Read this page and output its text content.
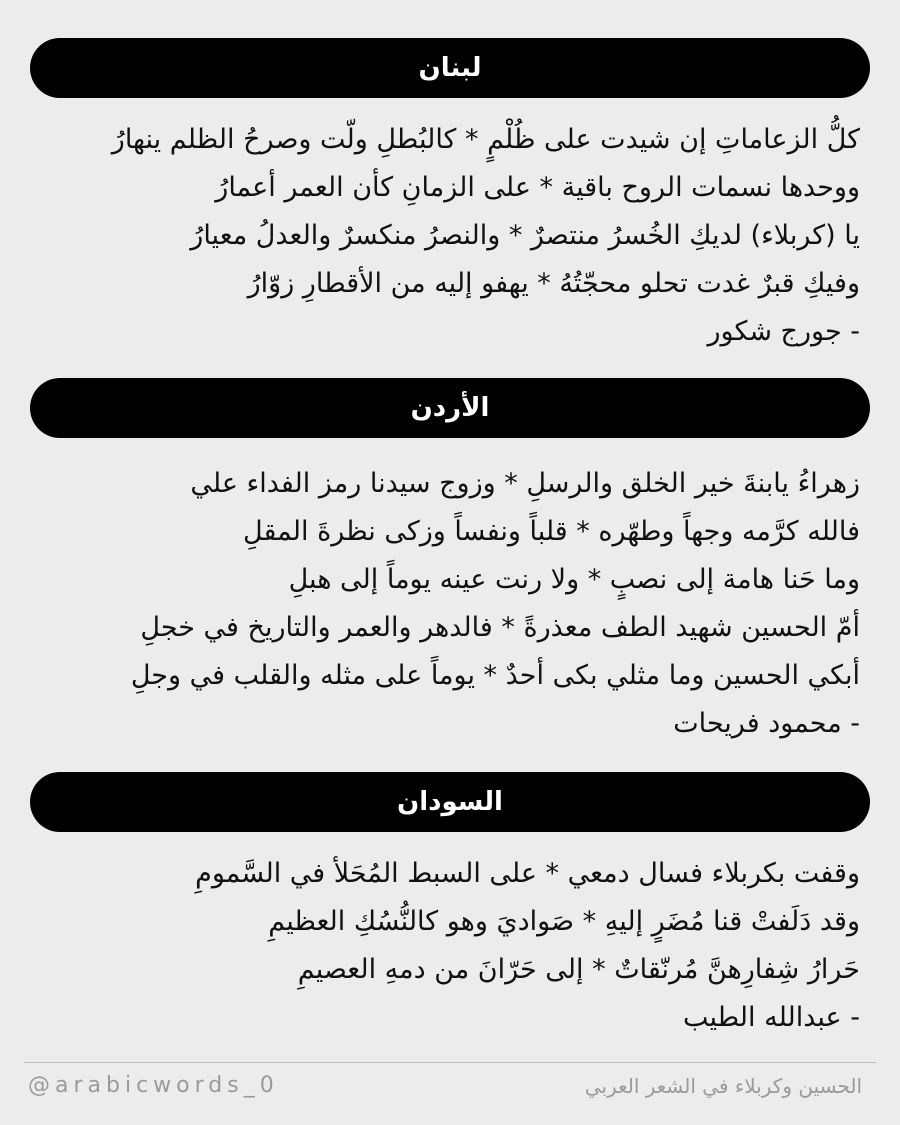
لبنان
كلُّ الزعاماتِ إن شيدت على ظُلْمٍ * كالبُطلِ ولّت وصرحُ الظلم ينهارُ
ووحدها نسمات الروح باقية * على الزمانِ كأن العمر أعمارُ
يا (كربلاء) لديكِ الخُسرُ منتصرٌ * والنصرُ منكسرٌ والعدلُ معيارُ
وفيكِ قبرٌ غدت تحلو محجّتُهُ * يهفو إليه من الأقطارِ زوّارُ
- جورج شكور
الأردن
زهراءُ يابنةَ خير الخلق والرسلِ * وزوج سيدنا رمز الفداء علي
فالله كرَّمه وجهاً وطهّره * قلباً ونفساً وزكى نظرةَ المقلِ
وما حَنا هامة إلى نصبٍ * ولا رنت عينه يوماً إلى هبلِ
أمّ الحسين شهيد الطف معذرةً * فالدهر والعمر والتاريخ في خجلِ
أبكي الحسين وما مثلي بكى أحدٌ * يوماً على مثله والقلب في وجلِ
- محمود فريحات
السودان
وقفت بكربلاء فسال دمعي * على السبط المُحَلأ في السَّمومِ
وقد دَلَفتْ قنا مُضَرٍ إليهِ * صَواديَ وهو كالنُّسُكِ العظيمِ
حَرارُ شِفارِهنَّ مُرنّقاتٌ * إلى حَرّانَ من دمهِ العصيمِ
- عبدالله الطيب
@arabicwords_0	الحسين وكربلاء في الشعر العربي
